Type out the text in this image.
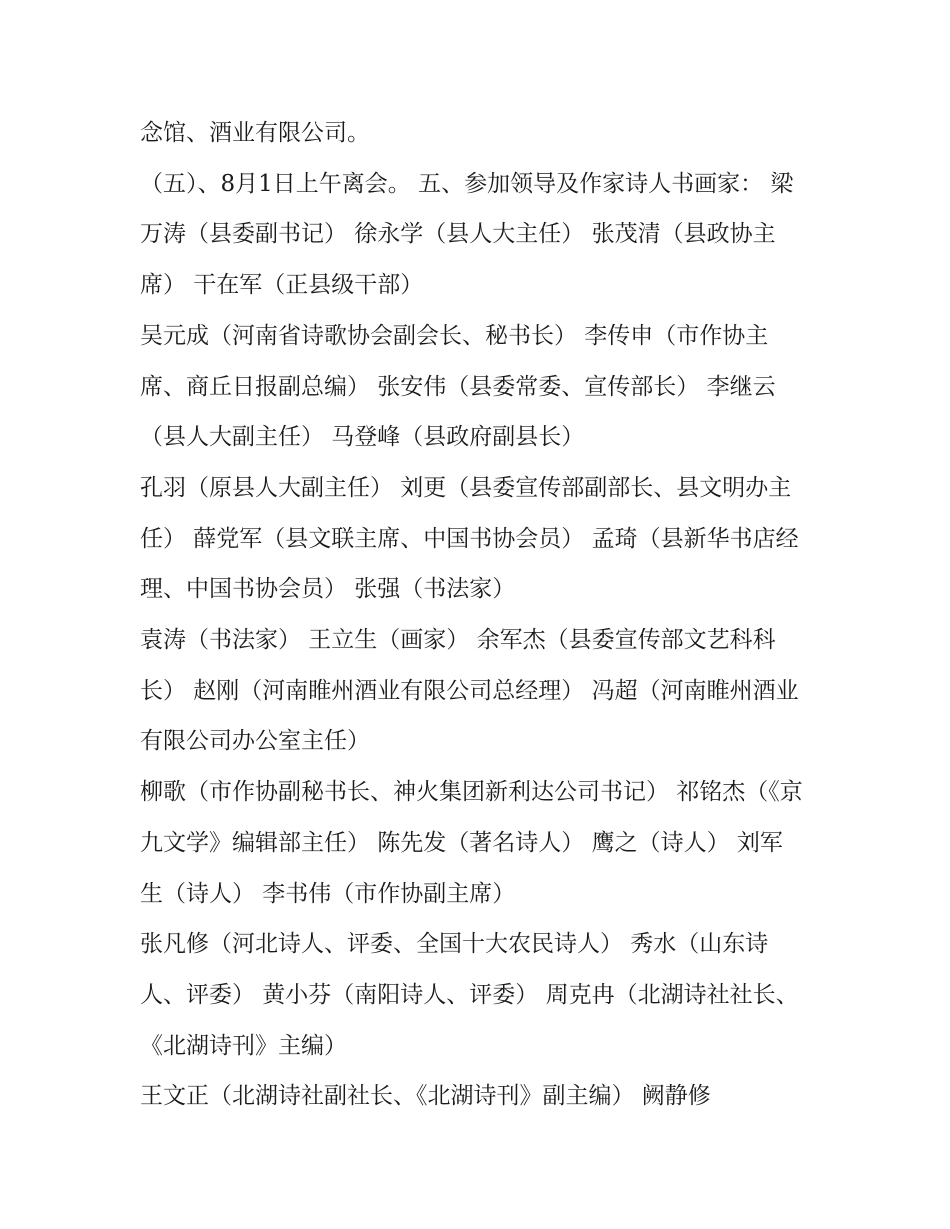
念馆、酒业有限公司。

（五）、8月1日上午离会。 五、参加领导及作家诗人书画家： 梁万涛（县委副书记） 徐永学（县人大主任） 张茂清（县政协主席） 干在军（正县级干部）

吴元成（河南省诗歌协会副会长、秘书长） 李传申（市作协主席、商丘日报副总编） 张安伟（县委常委、宣传部长） 李继云（县人大副主任） 马登峰（县政府副县长）

孔羽（原县人大副主任） 刘更（县委宣传部副部长、县文明办主任） 薛党军（县文联主席、中国书协会员） 孟琦（县新华书店经理、中国书协会员） 张强（书法家）

袁涛（书法家） 王立生（画家） 余军杰（县委宣传部文艺科科长） 赵刚（河南睢州酒业有限公司总经理） 冯超（河南睢州酒业有限公司办公室主任）

柳歌（市作协副秘书长、神火集团新利达公司书记） 祁铭杰（《京九文学》编辑部主任） 陈先发（著名诗人） 鹰之（诗人） 刘军生（诗人） 李书伟（市作协副主席）

张凡修（河北诗人、评委、全国十大农民诗人） 秀水（山东诗人、评委） 黄小芬（南阳诗人、评委） 周克冉（北湖诗社社长、《北湖诗刊》主编）

王文正（北湖诗社副社长、《北湖诗刊》副主编） 阙静修
